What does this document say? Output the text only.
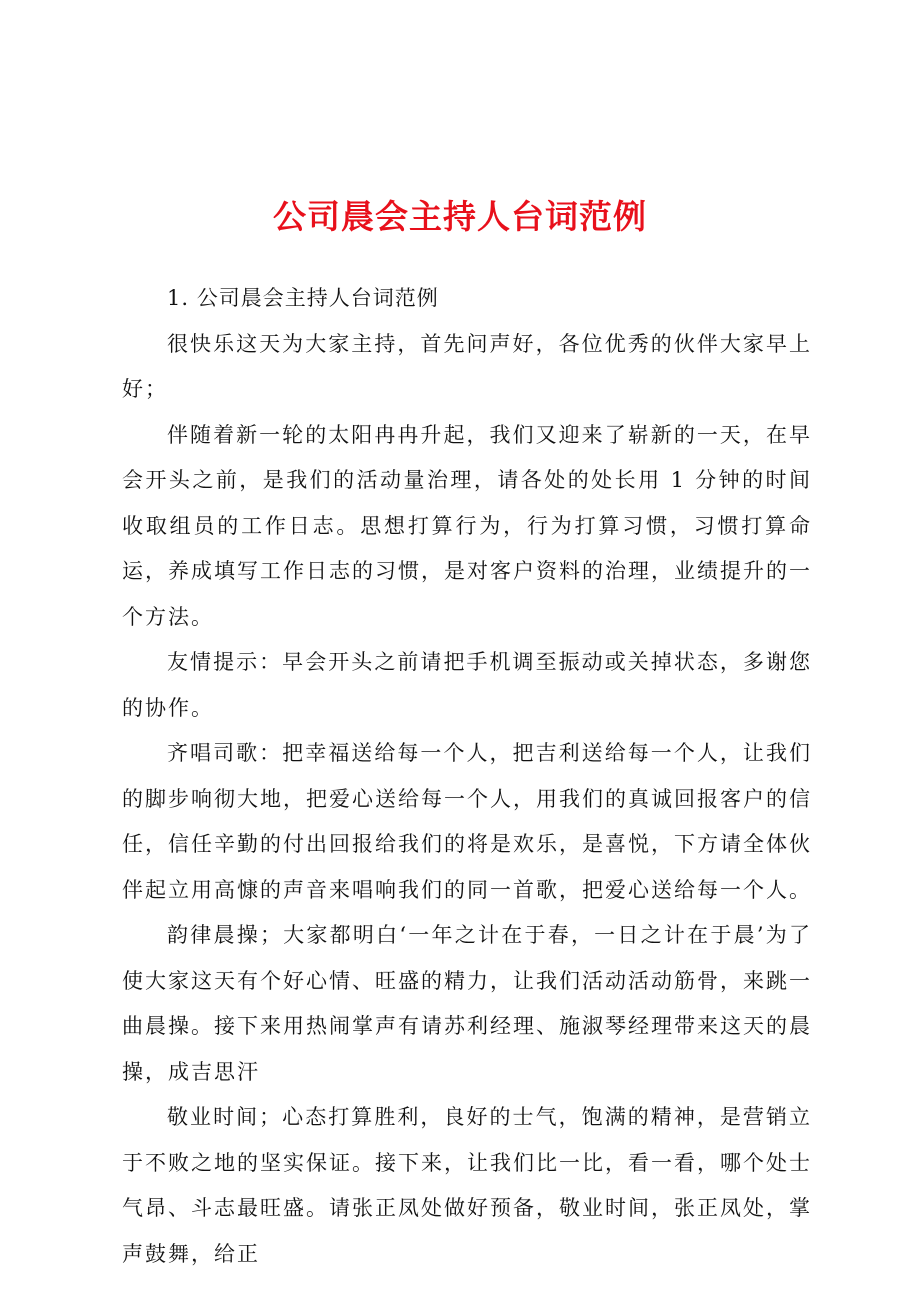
公司晨会主持人台词范例

1. 公司晨会主持人台词范例

很快乐这天为大家主持，首先问声好，各位优秀的伙伴大家早上好；

伴随着新一轮的太阳冉冉升起，我们又迎来了崭新的一天，在早会开头之前，是我们的活动量治理，请各处的处长用 1 分钟的时间收取组员的工作日志。思想打算行为，行为打算习惯，习惯打算命运，养成填写工作日志的习惯，是对客户资料的治理，业绩提升的一个方法。

友情提示：早会开头之前请把手机调至振动或关掉状态，多谢您的协作。

齐唱司歌：把幸福送给每一个人，把吉利送给每一个人，让我们的脚步响彻大地，把爱心送给每一个人，用我们的真诚回报客户的信任，信任辛勤的付出回报给我们的将是欢乐，是喜悦，下方请全体伙伴起立用高慷的声音来唱响我们的同一首歌，把爱心送给每一个人。

韵律晨操；大家都明白‘一年之计在于春，一日之计在于晨’为了使大家这天有个好心情、旺盛的精力，让我们活动活动筋骨，来跳一曲晨操。接下来用热闹掌声有请苏利经理、施淑琴经理带来这天的晨操，成吉思汗

敬业时间；心态打算胜利，良好的士气，饱满的精神，是营销立于不败之地的坚实保证。接下来，让我们比一比，看一看，哪个处士气昂、斗志最旺盛。请张正凤处做好预备，敬业时间，张正凤处，掌声鼓舞，给正
